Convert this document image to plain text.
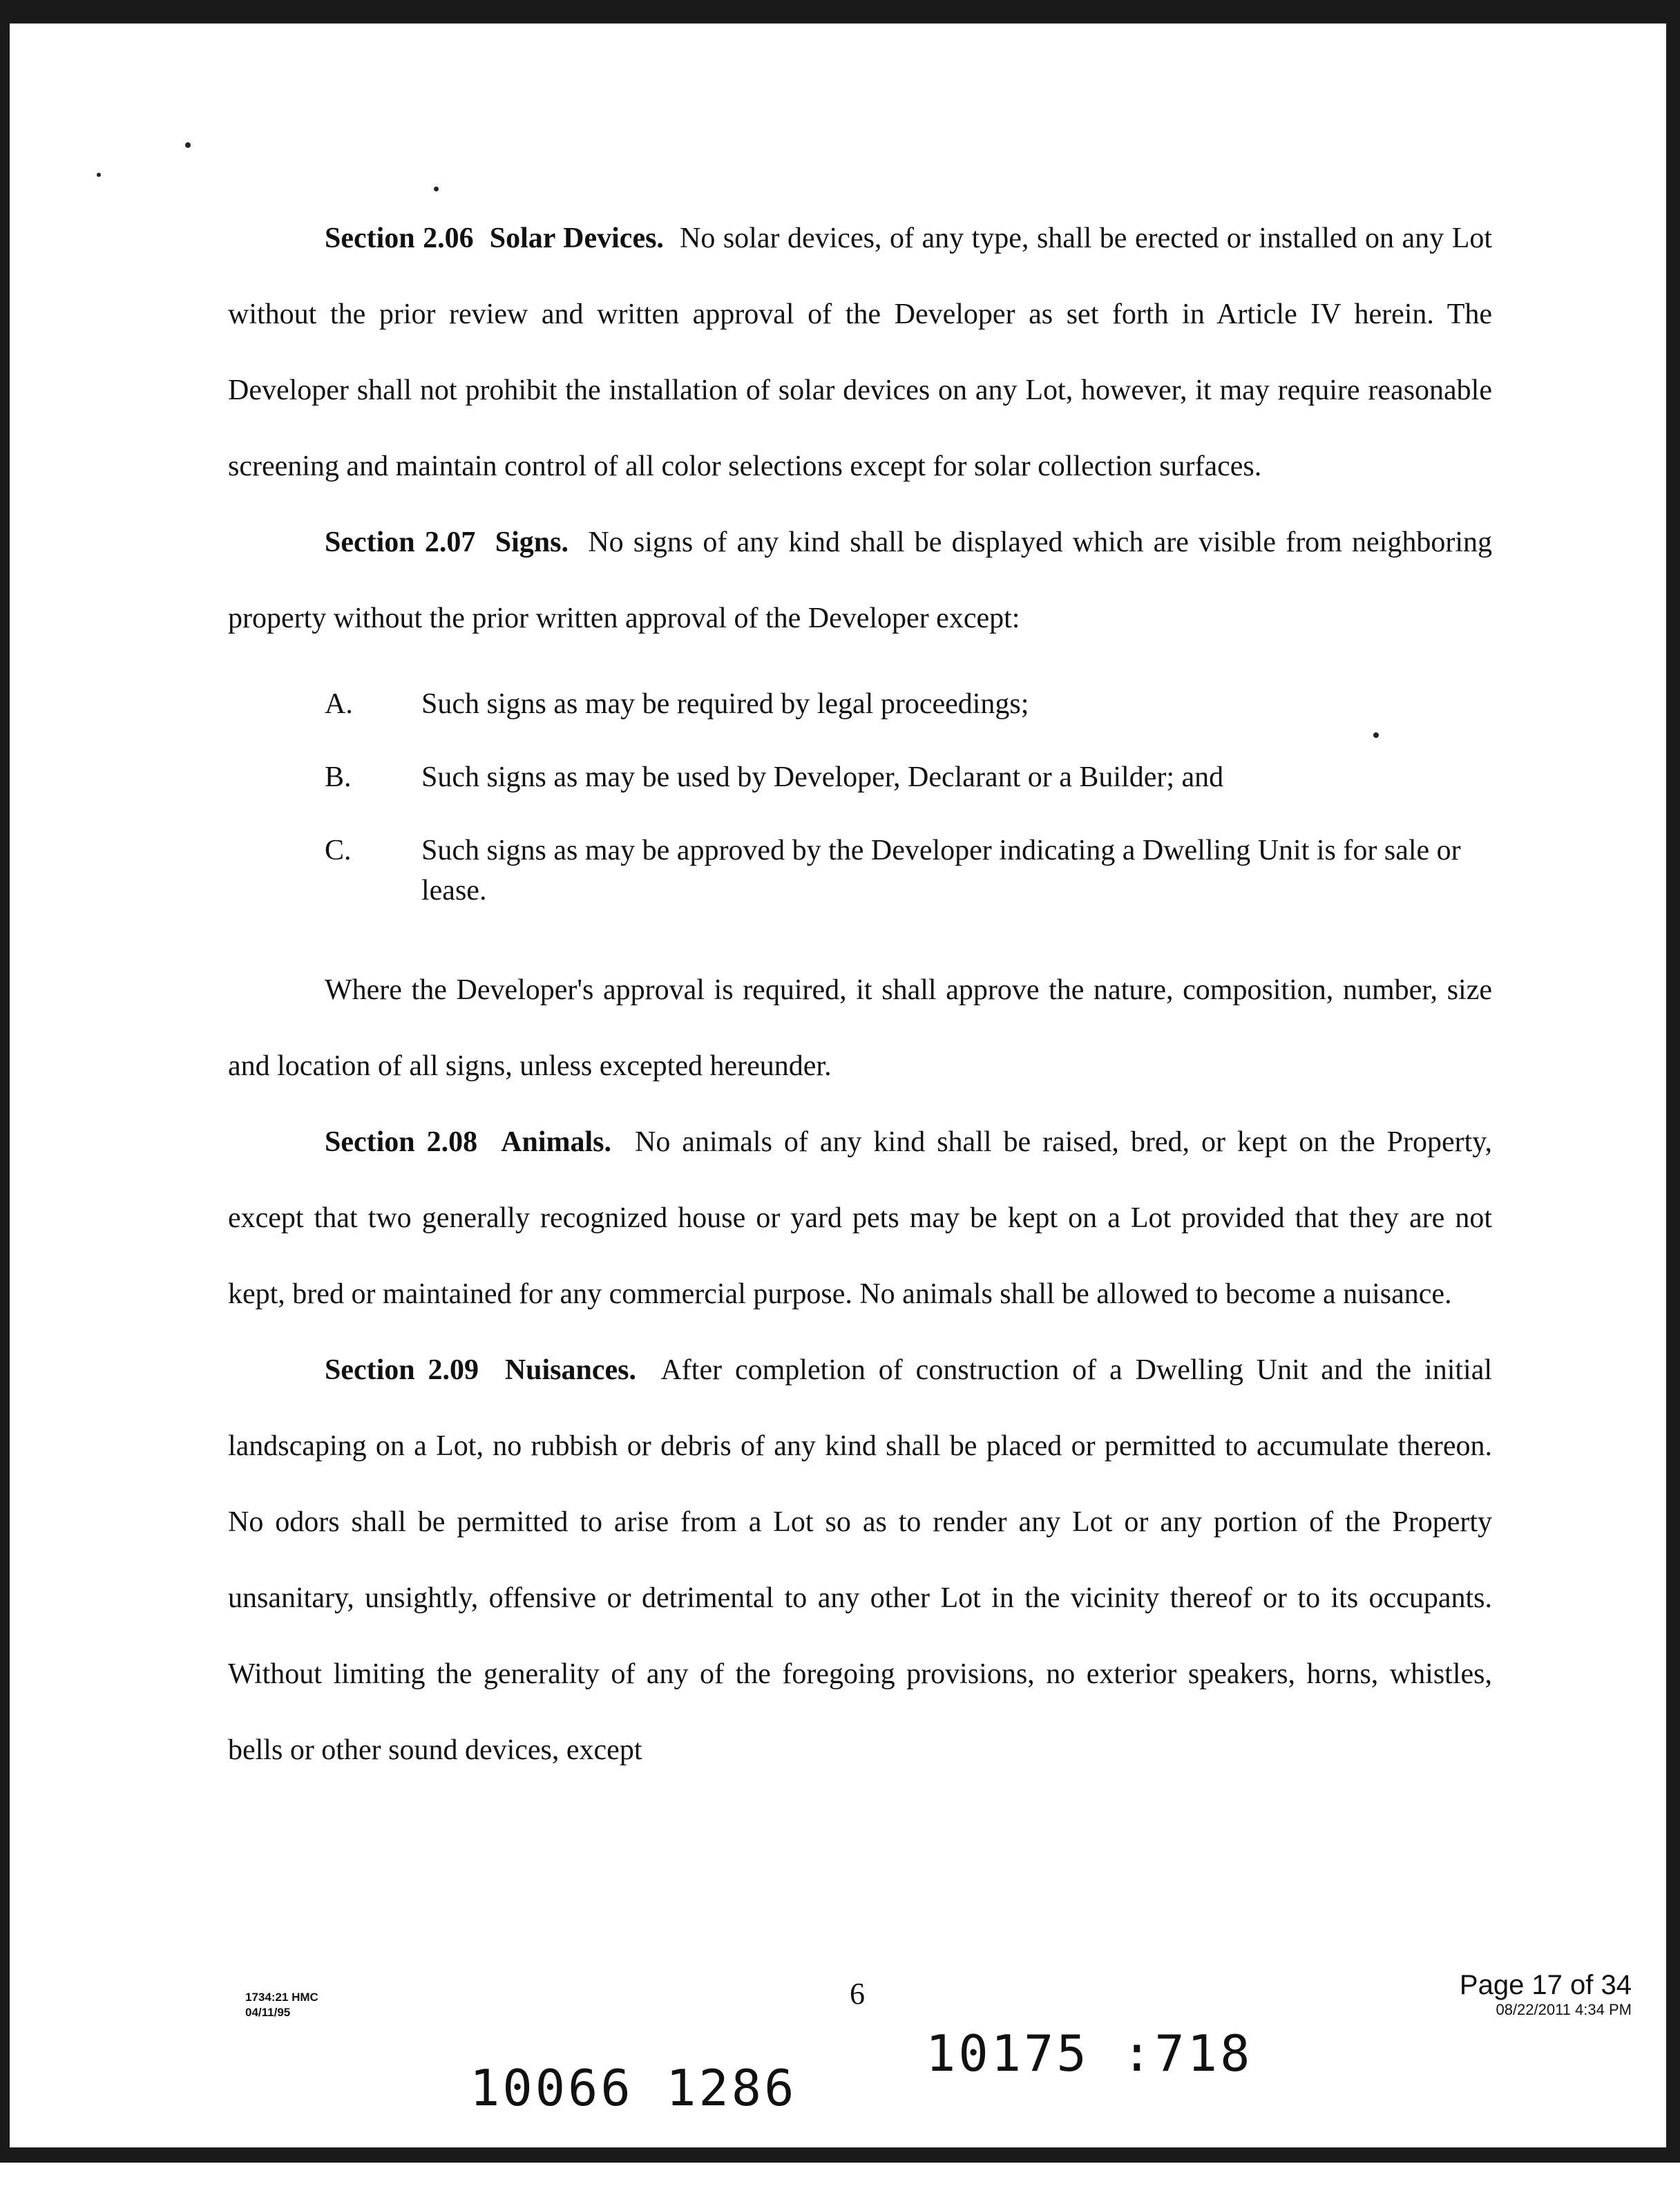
Section 2.06 Solar Devices. No solar devices, of any type, shall be erected or installed on any Lot without the prior review and written approval of the Developer as set forth in Article IV herein. The Developer shall not prohibit the installation of solar devices on any Lot, however, it may require reasonable screening and maintain control of all color selections except for solar collection surfaces.

Section 2.07 Signs. No signs of any kind shall be displayed which are visible from neighboring property without the prior written approval of the Developer except:

A.	Such signs as may be required by legal proceedings;
B.	Such signs as may be used by Developer, Declarant or a Builder; and
C.	Such signs as may be approved by the Developer indicating a Dwelling Unit is for sale or lease.

Where the Developer's approval is required, it shall approve the nature, composition, number, size and location of all signs, unless excepted hereunder.

Section 2.08 Animals. No animals of any kind shall be raised, bred, or kept on the Property, except that two generally recognized house or yard pets may be kept on a Lot provided that they are not kept, bred or maintained for any commercial purpose. No animals shall be allowed to become a nuisance.

Section 2.09 Nuisances. After completion of construction of a Dwelling Unit and the initial landscaping on a Lot, no rubbish or debris of any kind shall be placed or permitted to accumulate thereon. No odors shall be permitted to arise from a Lot so as to render any Lot or any portion of the Property unsanitary, unsightly, offensive or detrimental to any other Lot in the vicinity thereof or to its occupants. Without limiting the generality of any of the foregoing provisions, no exterior speakers, horns, whistles, bells or other sound devices, except

1734:21 HMC
04/11/95
6	Page 17 of 34
08/22/2011 4:34 PM
10066 1286
10175 :718
